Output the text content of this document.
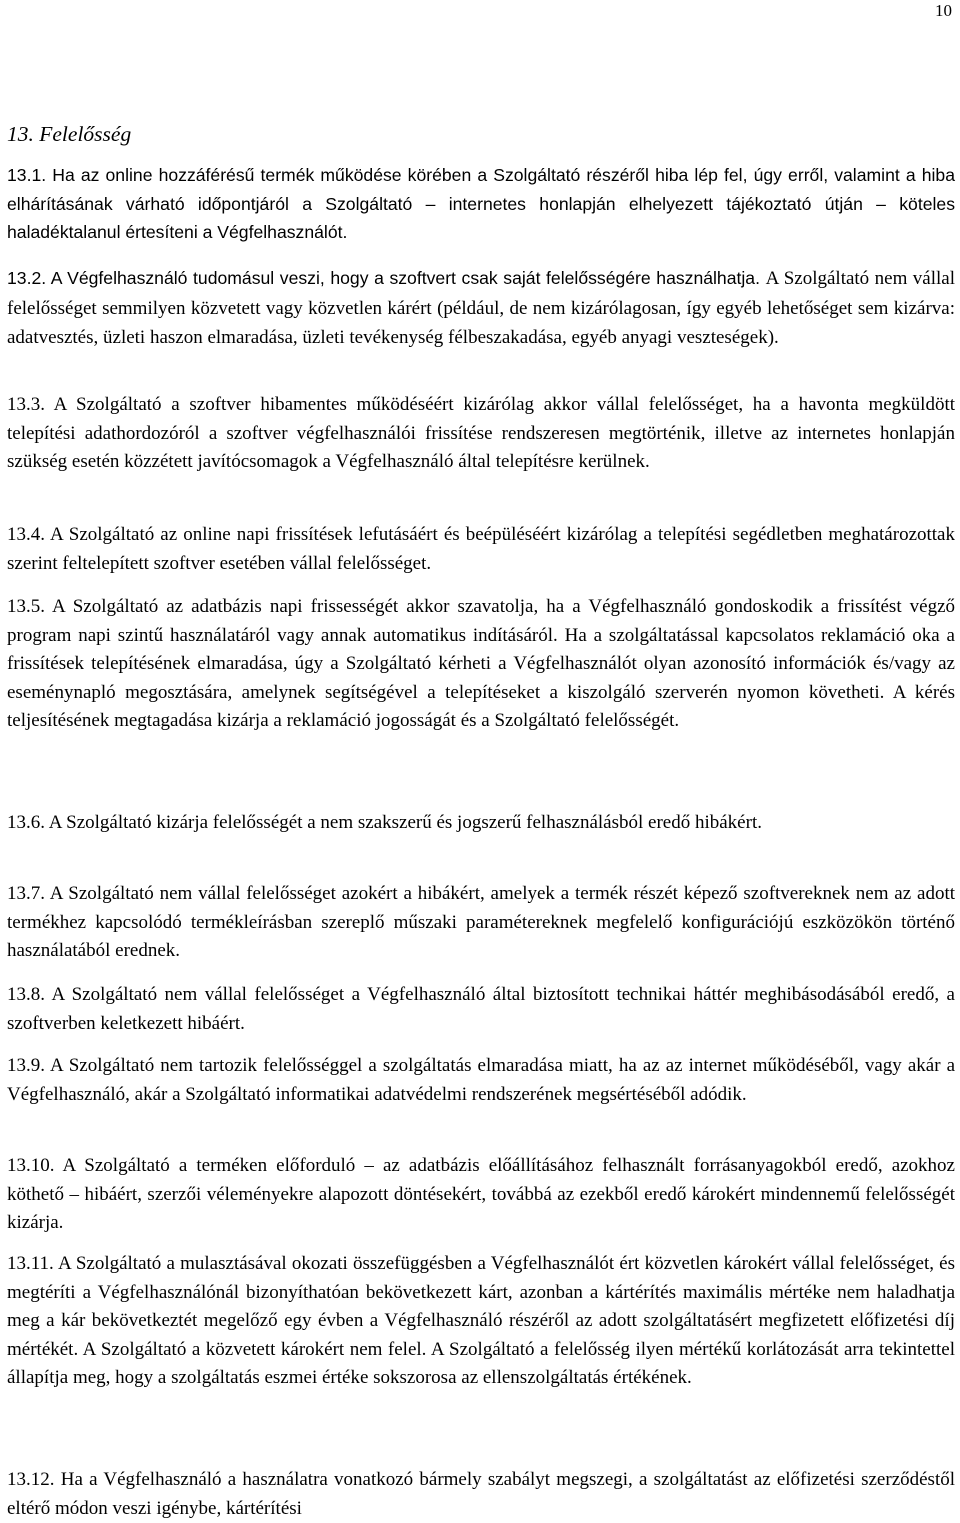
10
13. Felelősség

13.1. Ha az online hozzáférésű termék működése körében a Szolgáltató részéről hiba lép fel, úgy erről, valamint a hiba elhárításának várható időpontjáról a Szolgáltató – internetes honlapján elhelyezett tájékoztató útján – köteles haladéktalanul értesíteni a Végfelhasználót.

13.2. A Végfelhasználó tudomásul veszi, hogy a szoftvert csak saját felelősségére használhatja. A Szolgáltató nem vállal felelősséget semmilyen közvetett vagy közvetlen kárért (például, de nem kizárólagosan, így egyéb lehetőséget sem kizárva: adatvesztés, üzleti haszon elmaradása, üzleti tevékenység félbeszakadása, egyéb anyagi veszteségek).

13.3. A Szolgáltató a szoftver hibamentes működéséért kizárólag akkor vállal felelősséget, ha a havonta megküldött telepítési adathordozóról a szoftver végfelhasználói frissítése rendszeresen megtörténik, illetve az internetes honlapján szükség esetén közzétett javítócsomagok a Végfelhasználó által telepítésre kerülnek.

13.4. A Szolgáltató az online napi frissítések lefutásáért és beépüléséért kizárólag a telepítési segédletben meghatározottak szerint feltelepített szoftver esetében vállal felelősséget.

13.5. A Szolgáltató az adatbázis napi frissességét akkor szavatolja, ha a Végfelhasználó gondoskodik a frissítést végző program napi szintű használatáról vagy annak automatikus indításáról. Ha a szolgáltatással kapcsolatos reklamáció oka a frissítések telepítésének elmaradása, úgy a Szolgáltató kérheti a Végfelhasználót olyan azonosító információk és/vagy az eseménynapló megosztására, amelynek segítségével a telepítéseket a kiszolgáló szerverén nyomon követheti. A kérés teljesítésének megtagadása kizárja a reklamáció jogosságát és a Szolgáltató felelősségét.

13.6. A Szolgáltató kizárja felelősségét a nem szakszerű és jogszerű felhasználásból eredő hibákért.

13.7. A Szolgáltató nem vállal felelősséget azokért a hibákért, amelyek a termék részét képező szoftvereknek nem az adott termékhez kapcsolódó termékleírásban szereplő műszaki paramétereknek megfelelő konfigurációjú eszközökön történő használatából erednek.

13.8. A Szolgáltató nem vállal felelősséget a Végfelhasználó által biztosított technikai háttér meghibásodásából eredő, a szoftverben keletkezett hibáért.

13.9. A Szolgáltató nem tartozik felelősséggel a szolgáltatás elmaradása miatt, ha az az internet működéséből, vagy akár a Végfelhasználó, akár a Szolgáltató informatikai adatvédelmi rendszerének megsértéséből adódik.

13.10. A Szolgáltató a terméken előforduló – az adatbázis előállításához felhasznált forrásanyagokból eredő, azokhoz köthető – hibáért, szerzői véleményekre alapozott döntésekért, továbbá az ezekből eredő károkért mindennemű felelősségét kizárja.

13.11. A Szolgáltató a mulasztásával okozati összefüggésben a Végfelhasználót ért közvetlen károkért vállal felelősséget, és megtéríti a Végfelhasználónál bizonyíthatóan bekövetkezett kárt, azonban a kártérítés maximális mértéke nem haladhatja meg a kár bekövetkeztét megelőző egy évben a Végfelhasználó részéről az adott szolgáltatásért megfizetett előfizetési díj mértékét. A Szolgáltató a közvetett károkért nem felel. A Szolgáltató a felelősség ilyen mértékű korlátozását arra tekintettel állapítja meg, hogy a szolgáltatás eszmei értéke sokszorosa az ellenszolgáltatás értékének.

13.12. Ha a Végfelhasználó a használatra vonatkozó bármely szabályt megszegi, a szolgáltatást az előfizetési szerződéstől eltérő módon veszi igénybe, kártérítési
